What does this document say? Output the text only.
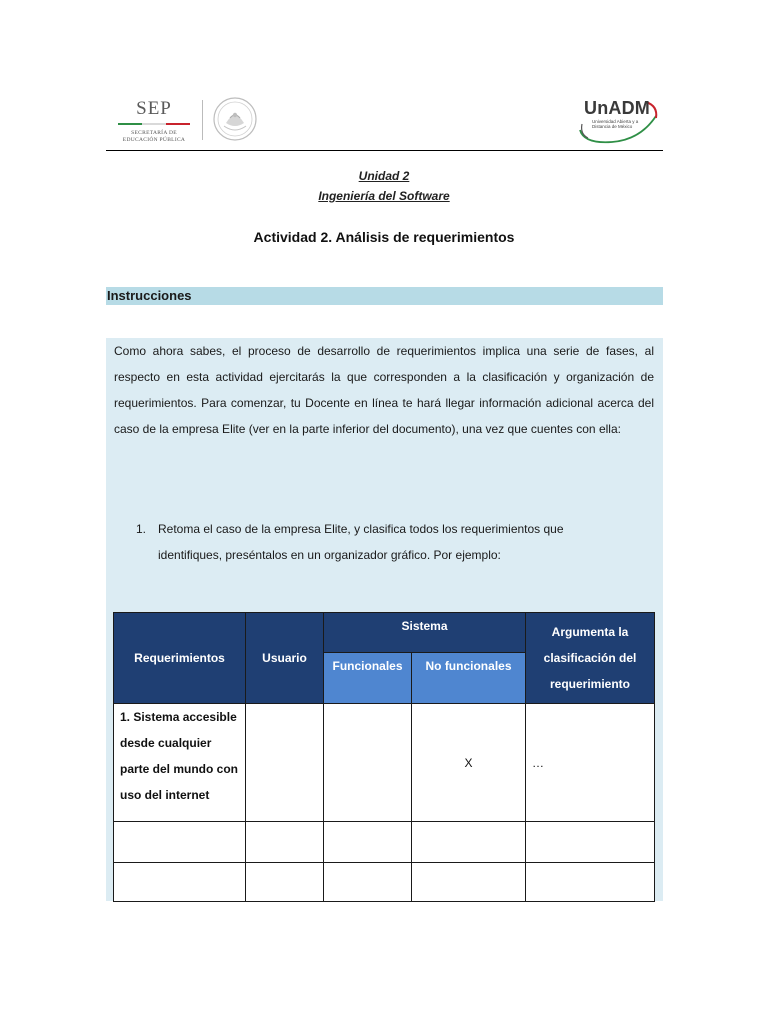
SEP
SECRETARÍA DE
EDUCACIÓN PÚBLICA
UnADM
Universidad Abierta y a
Distancia de México
Unidad 2
Ingeniería del Software
Actividad 2. Análisis de requerimientos
Instrucciones
Como ahora sabes, el proceso de desarrollo de requerimientos implica una serie de fases, al respecto en esta actividad ejercitarás la que corresponden a la clasificación y organización de requerimientos. Para comenzar, tu Docente en línea te hará llegar información adicional acerca del caso de la empresa Elite (ver en la parte inferior del documento), una vez que cuentes con ella:
1. Retoma el caso de la empresa Elite, y clasifica todos los requerimientos que identifiques, preséntalos en un organizador gráfico. Por ejemplo:
Requerimientos	Usuario	Sistema		Argumenta la clasificación del requerimiento
		Funcionales	No funcionales	

1. Sistema accesible desde cualquier parte del mundo con uso del internet			X	…
